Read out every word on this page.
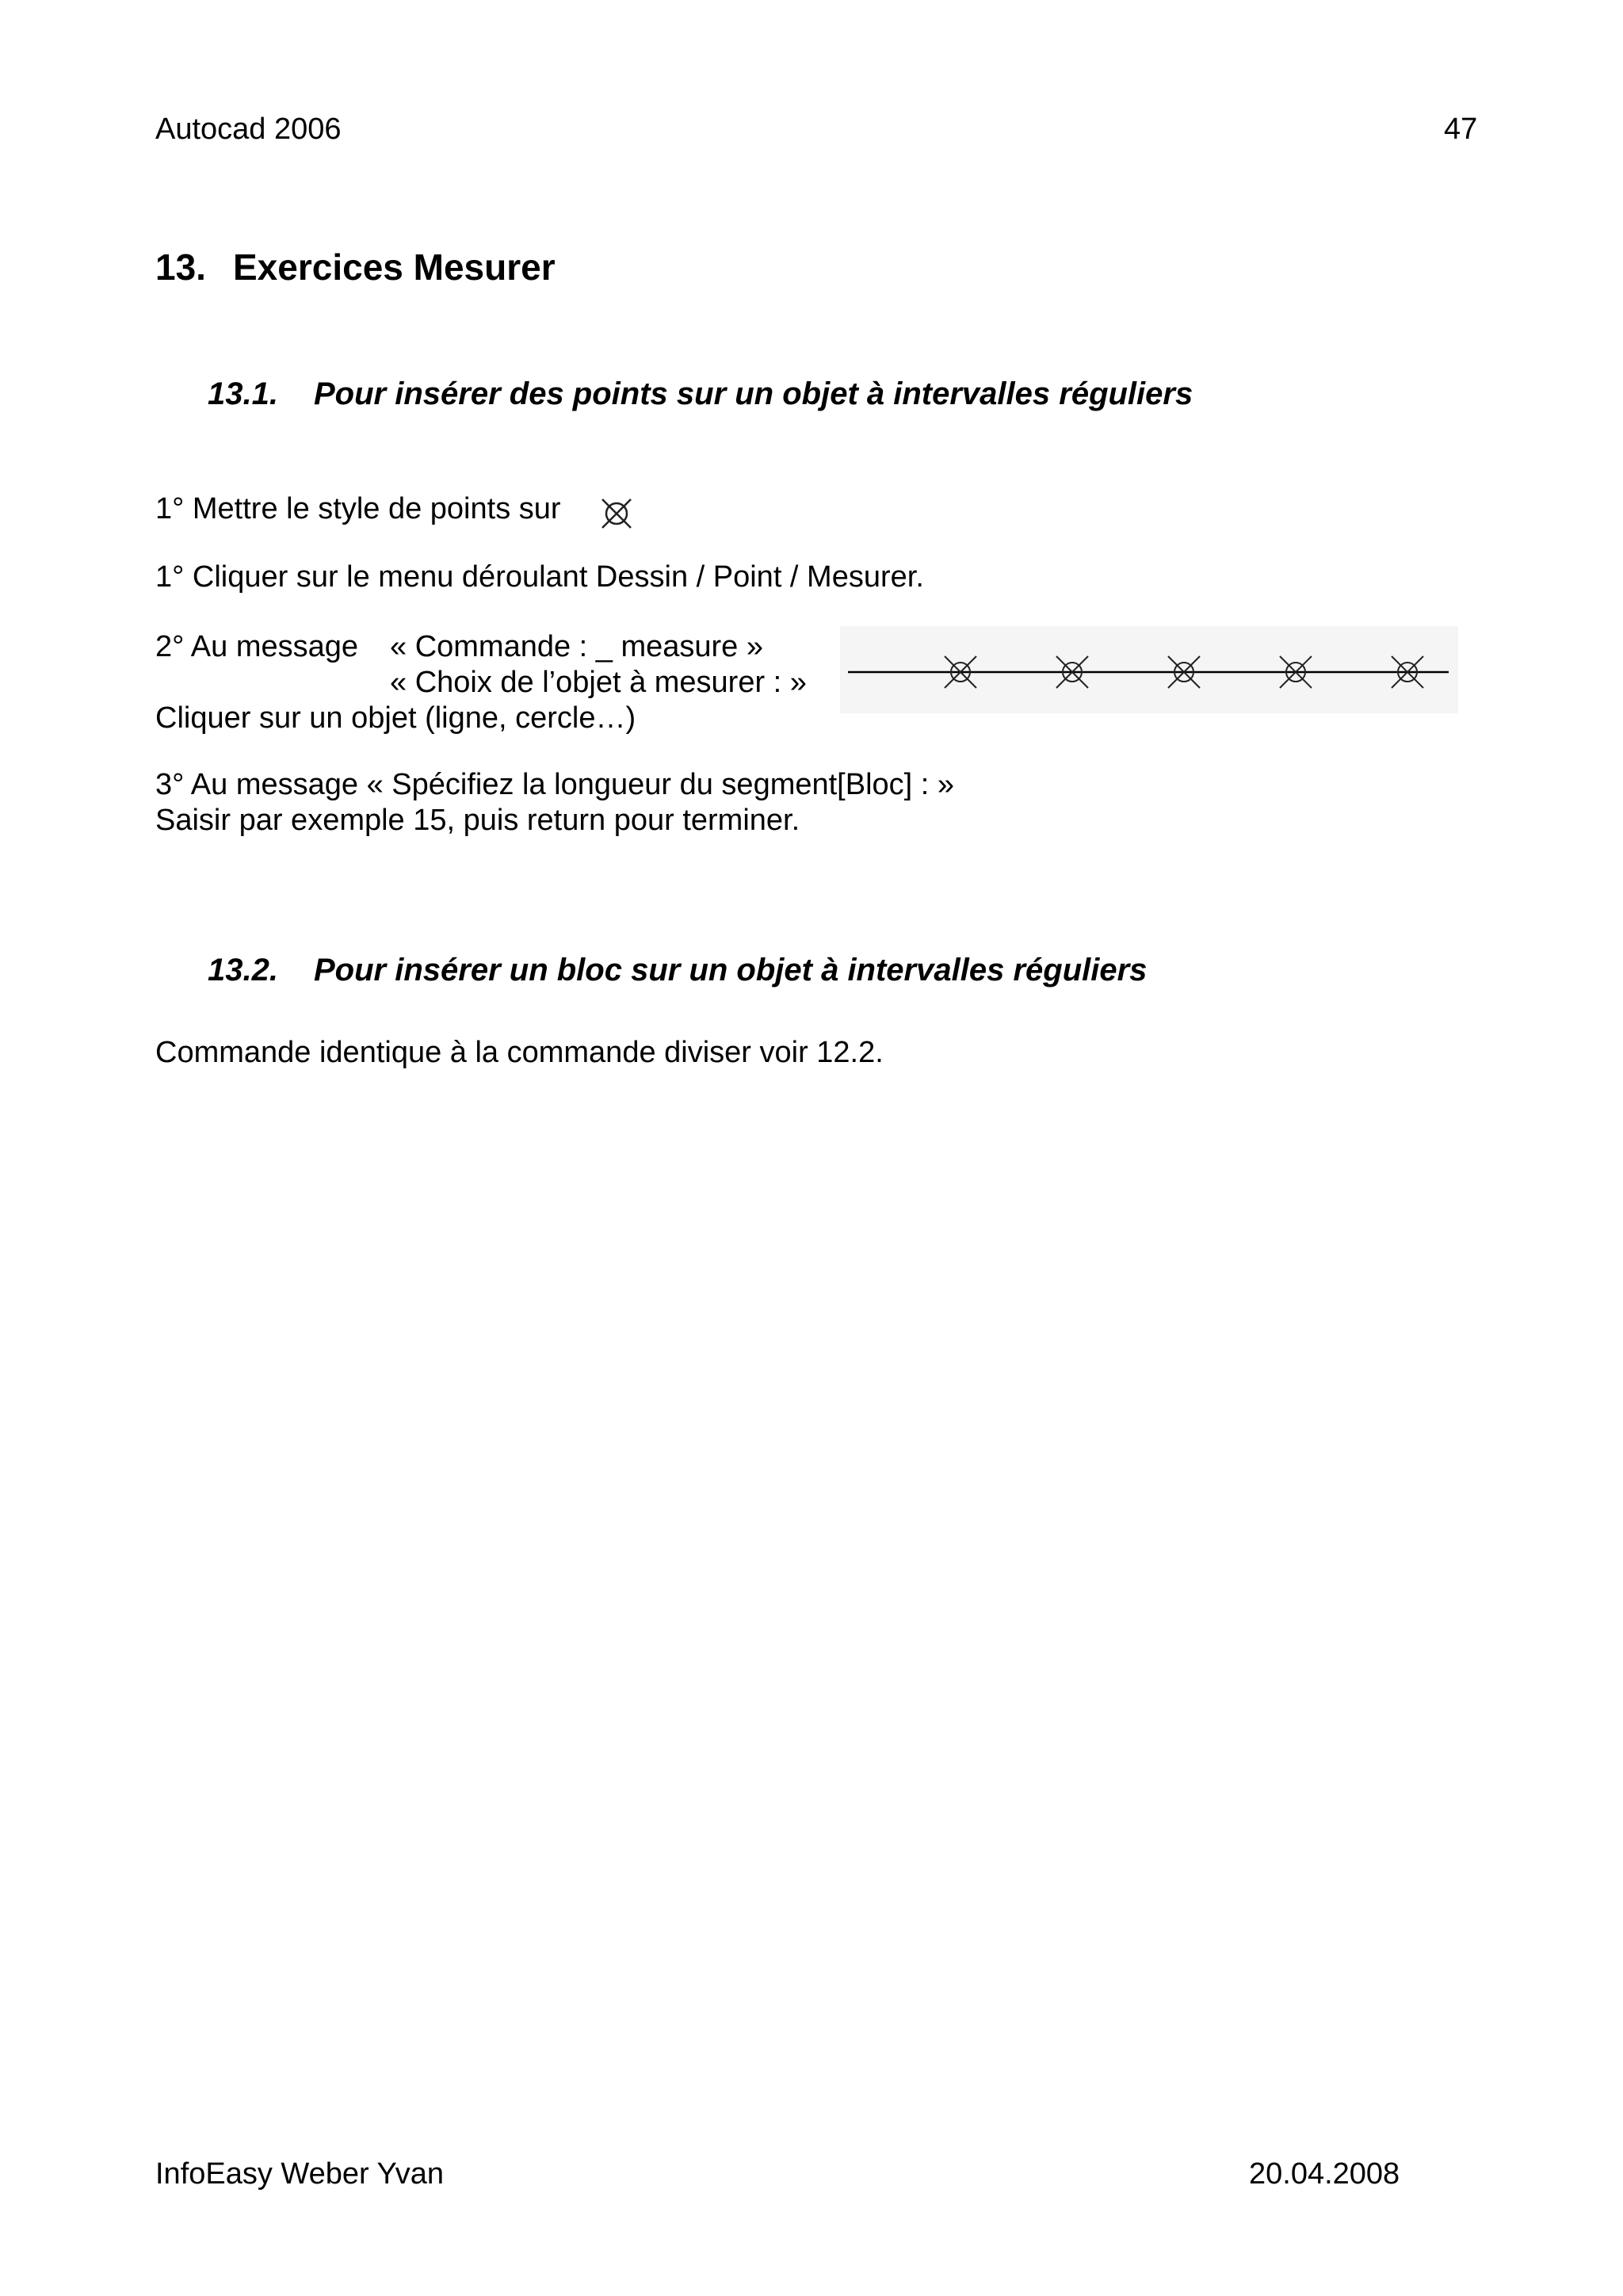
Autocad 2006	47
13. Exercices Mesurer
13.1. Pour insérer des points sur un objet à intervalles réguliers
1° Mettre le style de points sur
1° Cliquer sur le menu déroulant Dessin / Point / Mesurer.
2° Au message « Commande : _ measure »
« Choix de l’objet à mesurer : »
Cliquer sur un objet (ligne, cercle…)
3° Au message « Spécifiez la longueur du segment[Bloc] : »
Saisir par exemple 15, puis return pour terminer.
13.2. Pour insérer un bloc sur un objet à intervalles réguliers
Commande identique à la commande diviser voir 12.2.
InfoEasy Weber Yvan	20.04.2008
